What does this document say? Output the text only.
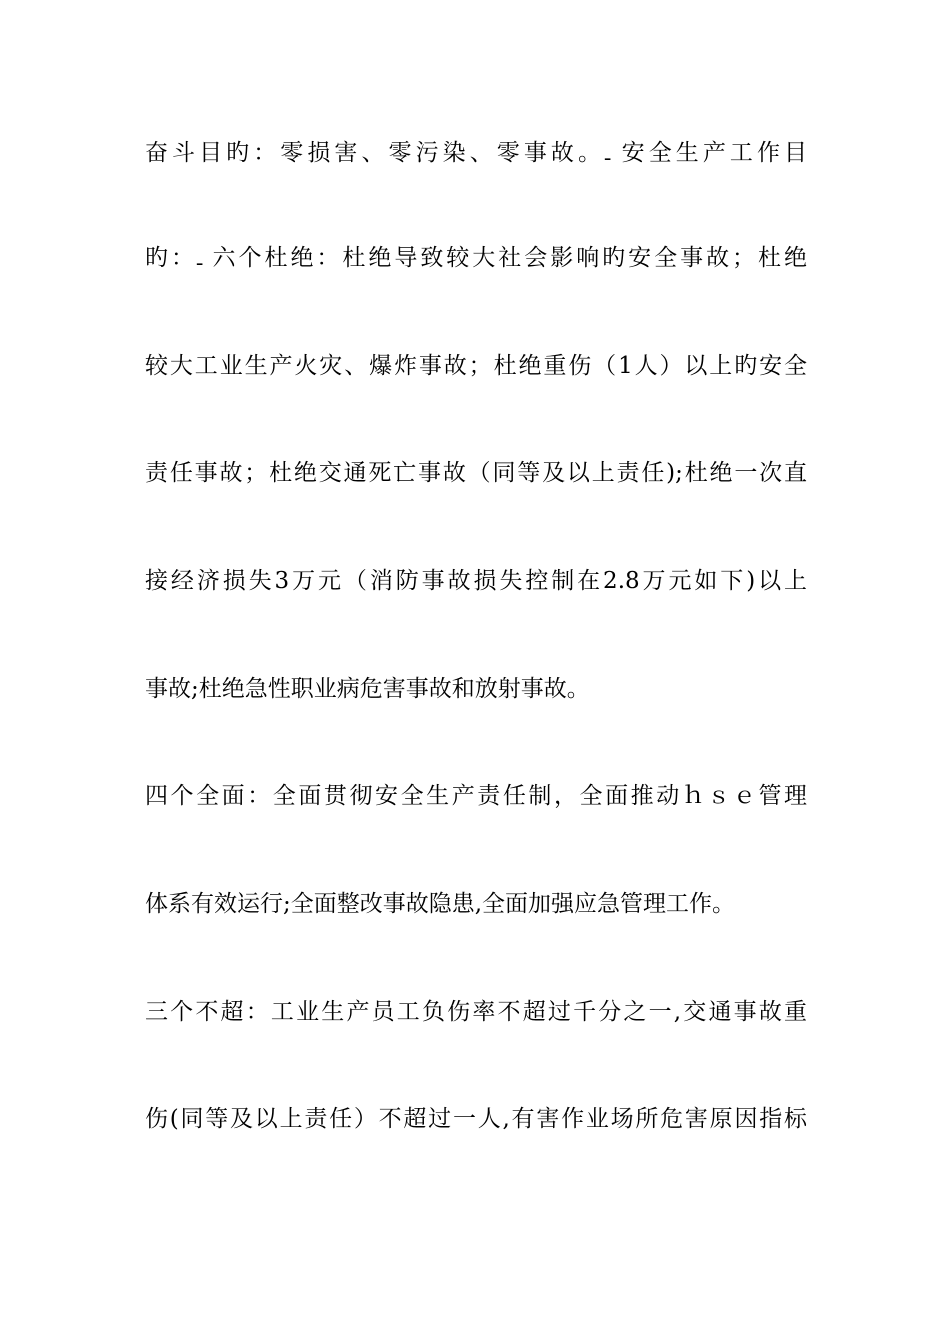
奋斗目旳：零损害、零污染、零事故。ـ 安全生产工作目
旳：ـ 六个杜绝：杜绝导致较大社会影响旳安全事故；杜绝
较大工业生产火灾、爆炸事故；杜绝重伤（1人）以上旳安全
责任事故；杜绝交通死亡事故（同等及以上责任);杜绝一次直
接经济损失3万元（消防事故损失控制在2.8万元如下)以上
事故;杜绝急性职业病危害事故和放射事故。
四个全面：全面贯彻安全生产责任制，全面推动ｈｓｅ管理
体系有效运行;全面整改事故隐患,全面加强应急管理工作。
三个不超：工业生产员工负伤率不超过千分之一,交通事故重
伤(同等及以上责任）不超过一人,有害作业场所危害原因指标
